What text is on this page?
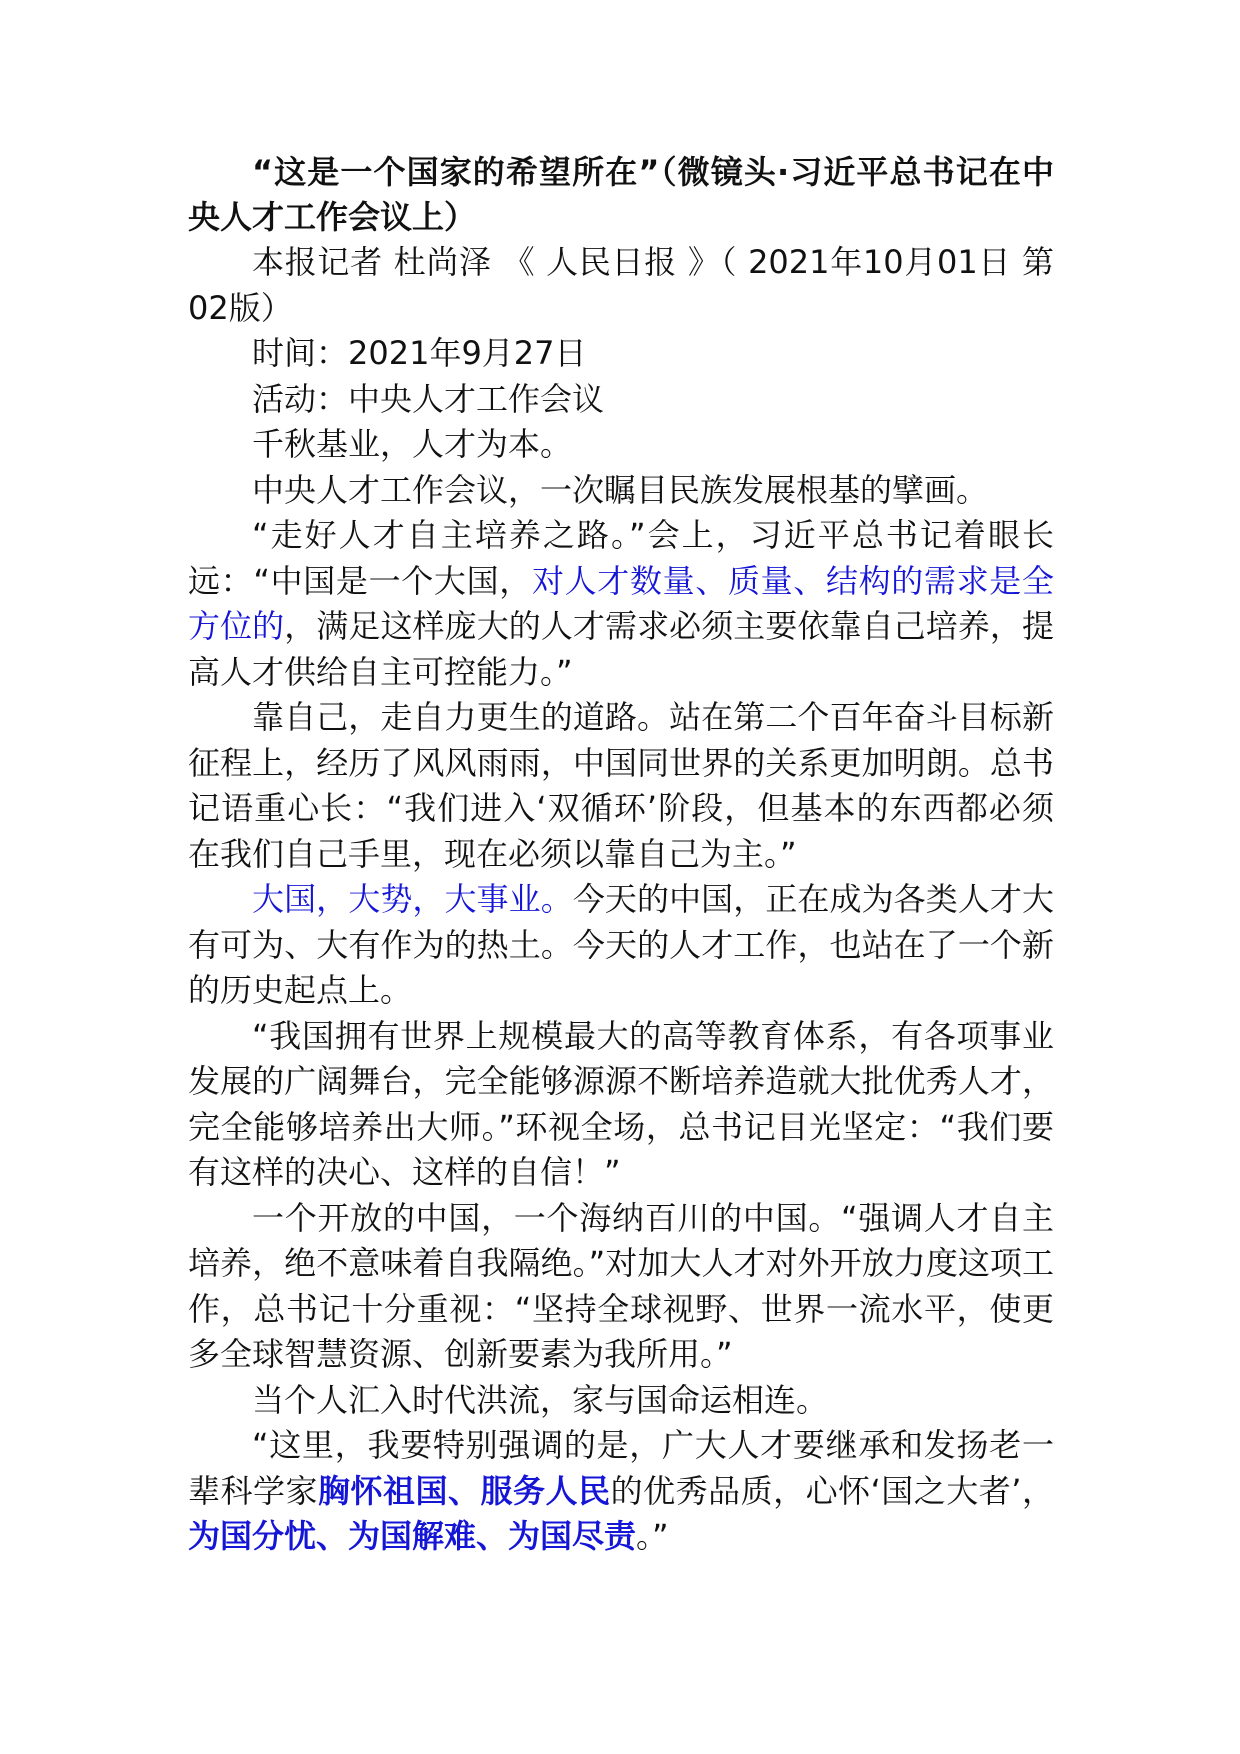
“这是一个国家的希望所在”（微镜头·习近平总书记在中央人才工作会议上）

本报记者 杜尚泽 《 人民日报 》（ 2021年10月01日 第02版）

时间：2021年9月27日

活动：中央人才工作会议

千秋基业，人才为本。

中央人才工作会议，一次瞩目民族发展根基的擘画。

“走好人才自主培养之路。”会上，习近平总书记着眼长远：“中国是一个大国，对人才数量、质量、结构的需求是全方位的，满足这样庞大的人才需求必须主要依靠自己培养，提高人才供给自主可控能力。”

靠自己，走自力更生的道路。站在第二个百年奋斗目标新征程上，经历了风风雨雨，中国同世界的关系更加明朗。总书记语重心长：“我们进入‘双循环’阶段，但基本的东西都必须在我们自己手里，现在必须以靠自己为主。”

大国，大势，大事业。今天的中国，正在成为各类人才大有可为、大有作为的热土。今天的人才工作，也站在了一个新的历史起点上。

“我国拥有世界上规模最大的高等教育体系，有各项事业发展的广阔舞台，完全能够源源不断培养造就大批优秀人才，完全能够培养出大师。”环视全场，总书记目光坚定：“我们要有这样的决心、这样的自信！”

一个开放的中国，一个海纳百川的中国。“强调人才自主培养，绝不意味着自我隔绝。”对加大人才对外开放力度这项工作，总书记十分重视：“坚持全球视野、世界一流水平，使更多全球智慧资源、创新要素为我所用。”

当个人汇入时代洪流，家与国命运相连。

“这里，我要特别强调的是，广大人才要继承和发扬老一辈科学家胸怀祖国、服务人民的优秀品质，心怀‘国之大者’，为国分忧、为国解难、为国尽责。”
